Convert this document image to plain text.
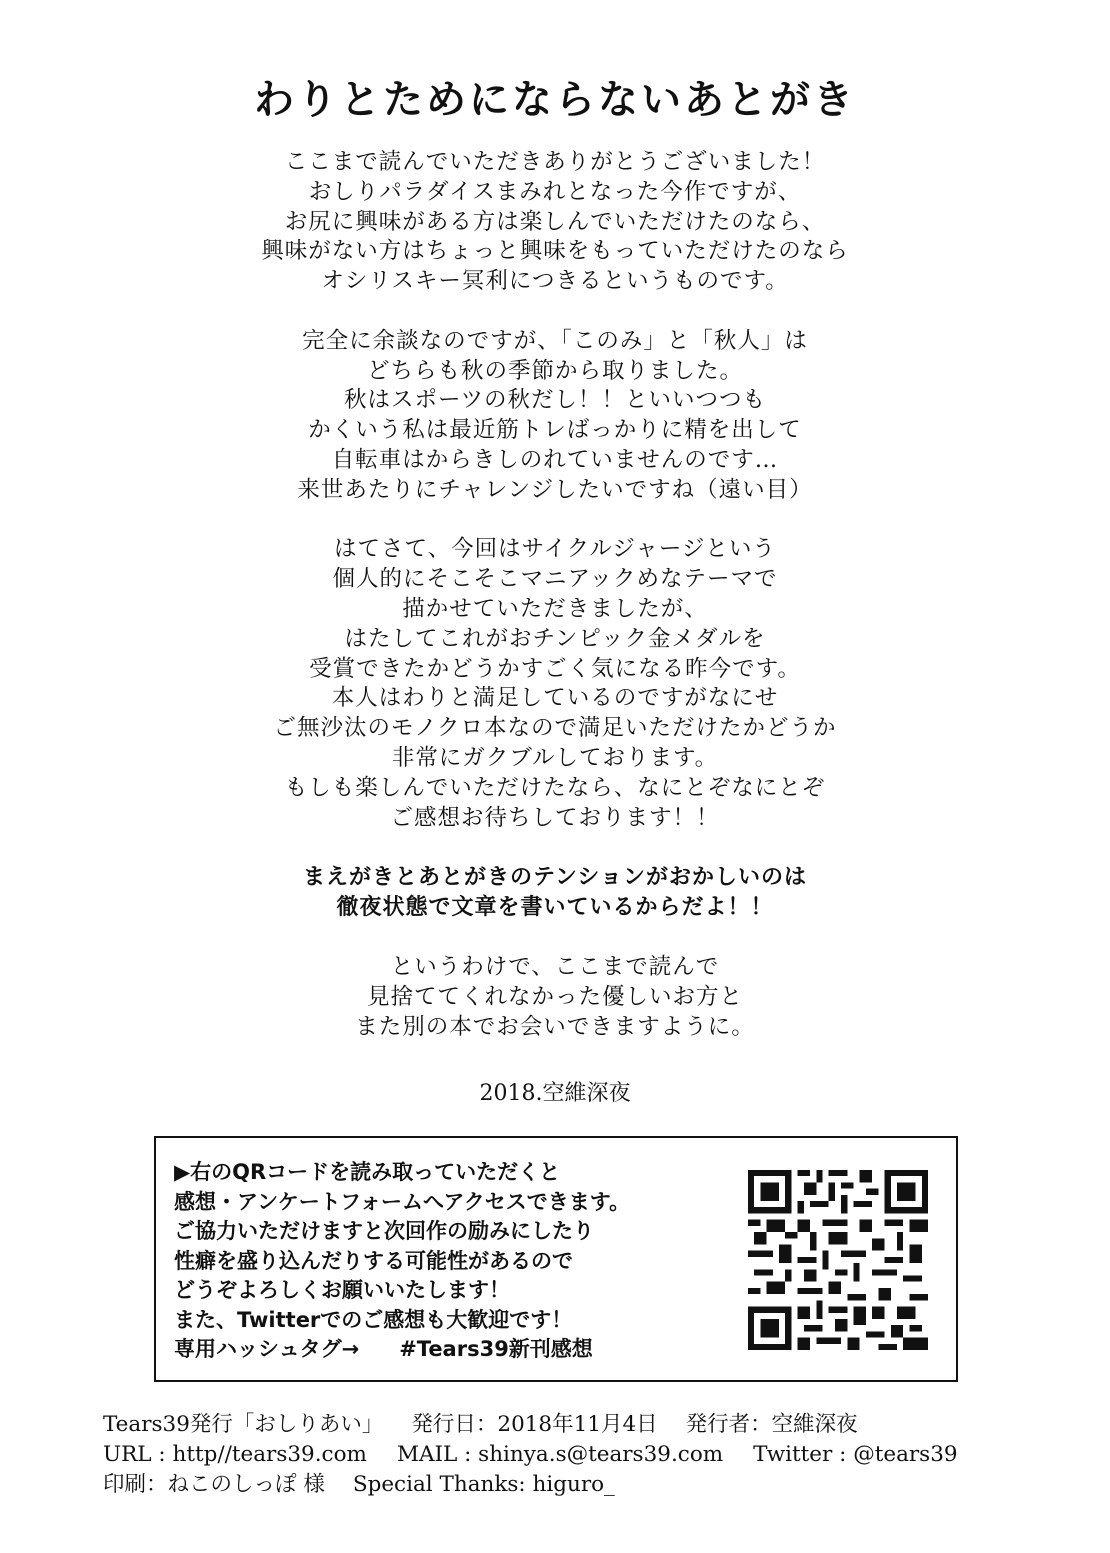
わりとためにならないあとがき
ここまで読んでいただきありがとうございました！
おしりパラダイスまみれとなった今作ですが、
お尻に興味がある方は楽しんでいただけたのなら、
興味がない方はちょっと興味をもっていただけたのなら
オシリスキー冥利につきるというものです。
完全に余談なのですが、「このみ」と「秋人」は
どちらも秋の季節から取りました。
秋はスポーツの秋だし！！といいつつも
かくいう私は最近筋トレばっかりに精を出して
自転車はからきしのれていませんのです…
来世あたりにチャレンジしたいですね（遠い目）
はてさて、今回はサイクルジャージという
個人的にそこそこマニアックめなテーマで
描かせていただきましたが、
はたしてこれがおチンピック金メダルを
受賞できたかどうかすごく気になる昨今です。
本人はわりと満足しているのですがなにせ
ご無沙汰のモノクロ本なので満足いただけたかどうか
非常にガクブルしております。
もしも楽しんでいただけたなら、なにとぞなにとぞ
ご感想お待ちしております！！
まえがきとあとがきのテンションがおかしいのは
徹夜状態で文章を書いているからだよ！！
というわけで、ここまで読んで
見捨ててくれなかった優しいお方と
また別の本でお会いできますように。
2018.空維深夜
▶右のQRコードを読み取っていただくと
感想・アンケートフォームへアクセスできます。
ご協力いただけますと次回作の励みにしたり
性癖を盛り込んだりする可能性があるので
どうぞよろしくお願いいたします！
また、Twitterでのご感想も大歓迎です！
専用ハッシュタグ→ #Tears39新刊感想
Tears39発行「おしりあい」 発行日：2018年11月4日 発行者：空維深夜
URL : http//tears39.com MAIL : shinya.s@tears39.com Twitter : @tears39
印刷：ねこのしっぽ 様 Special Thanks: higuro_
